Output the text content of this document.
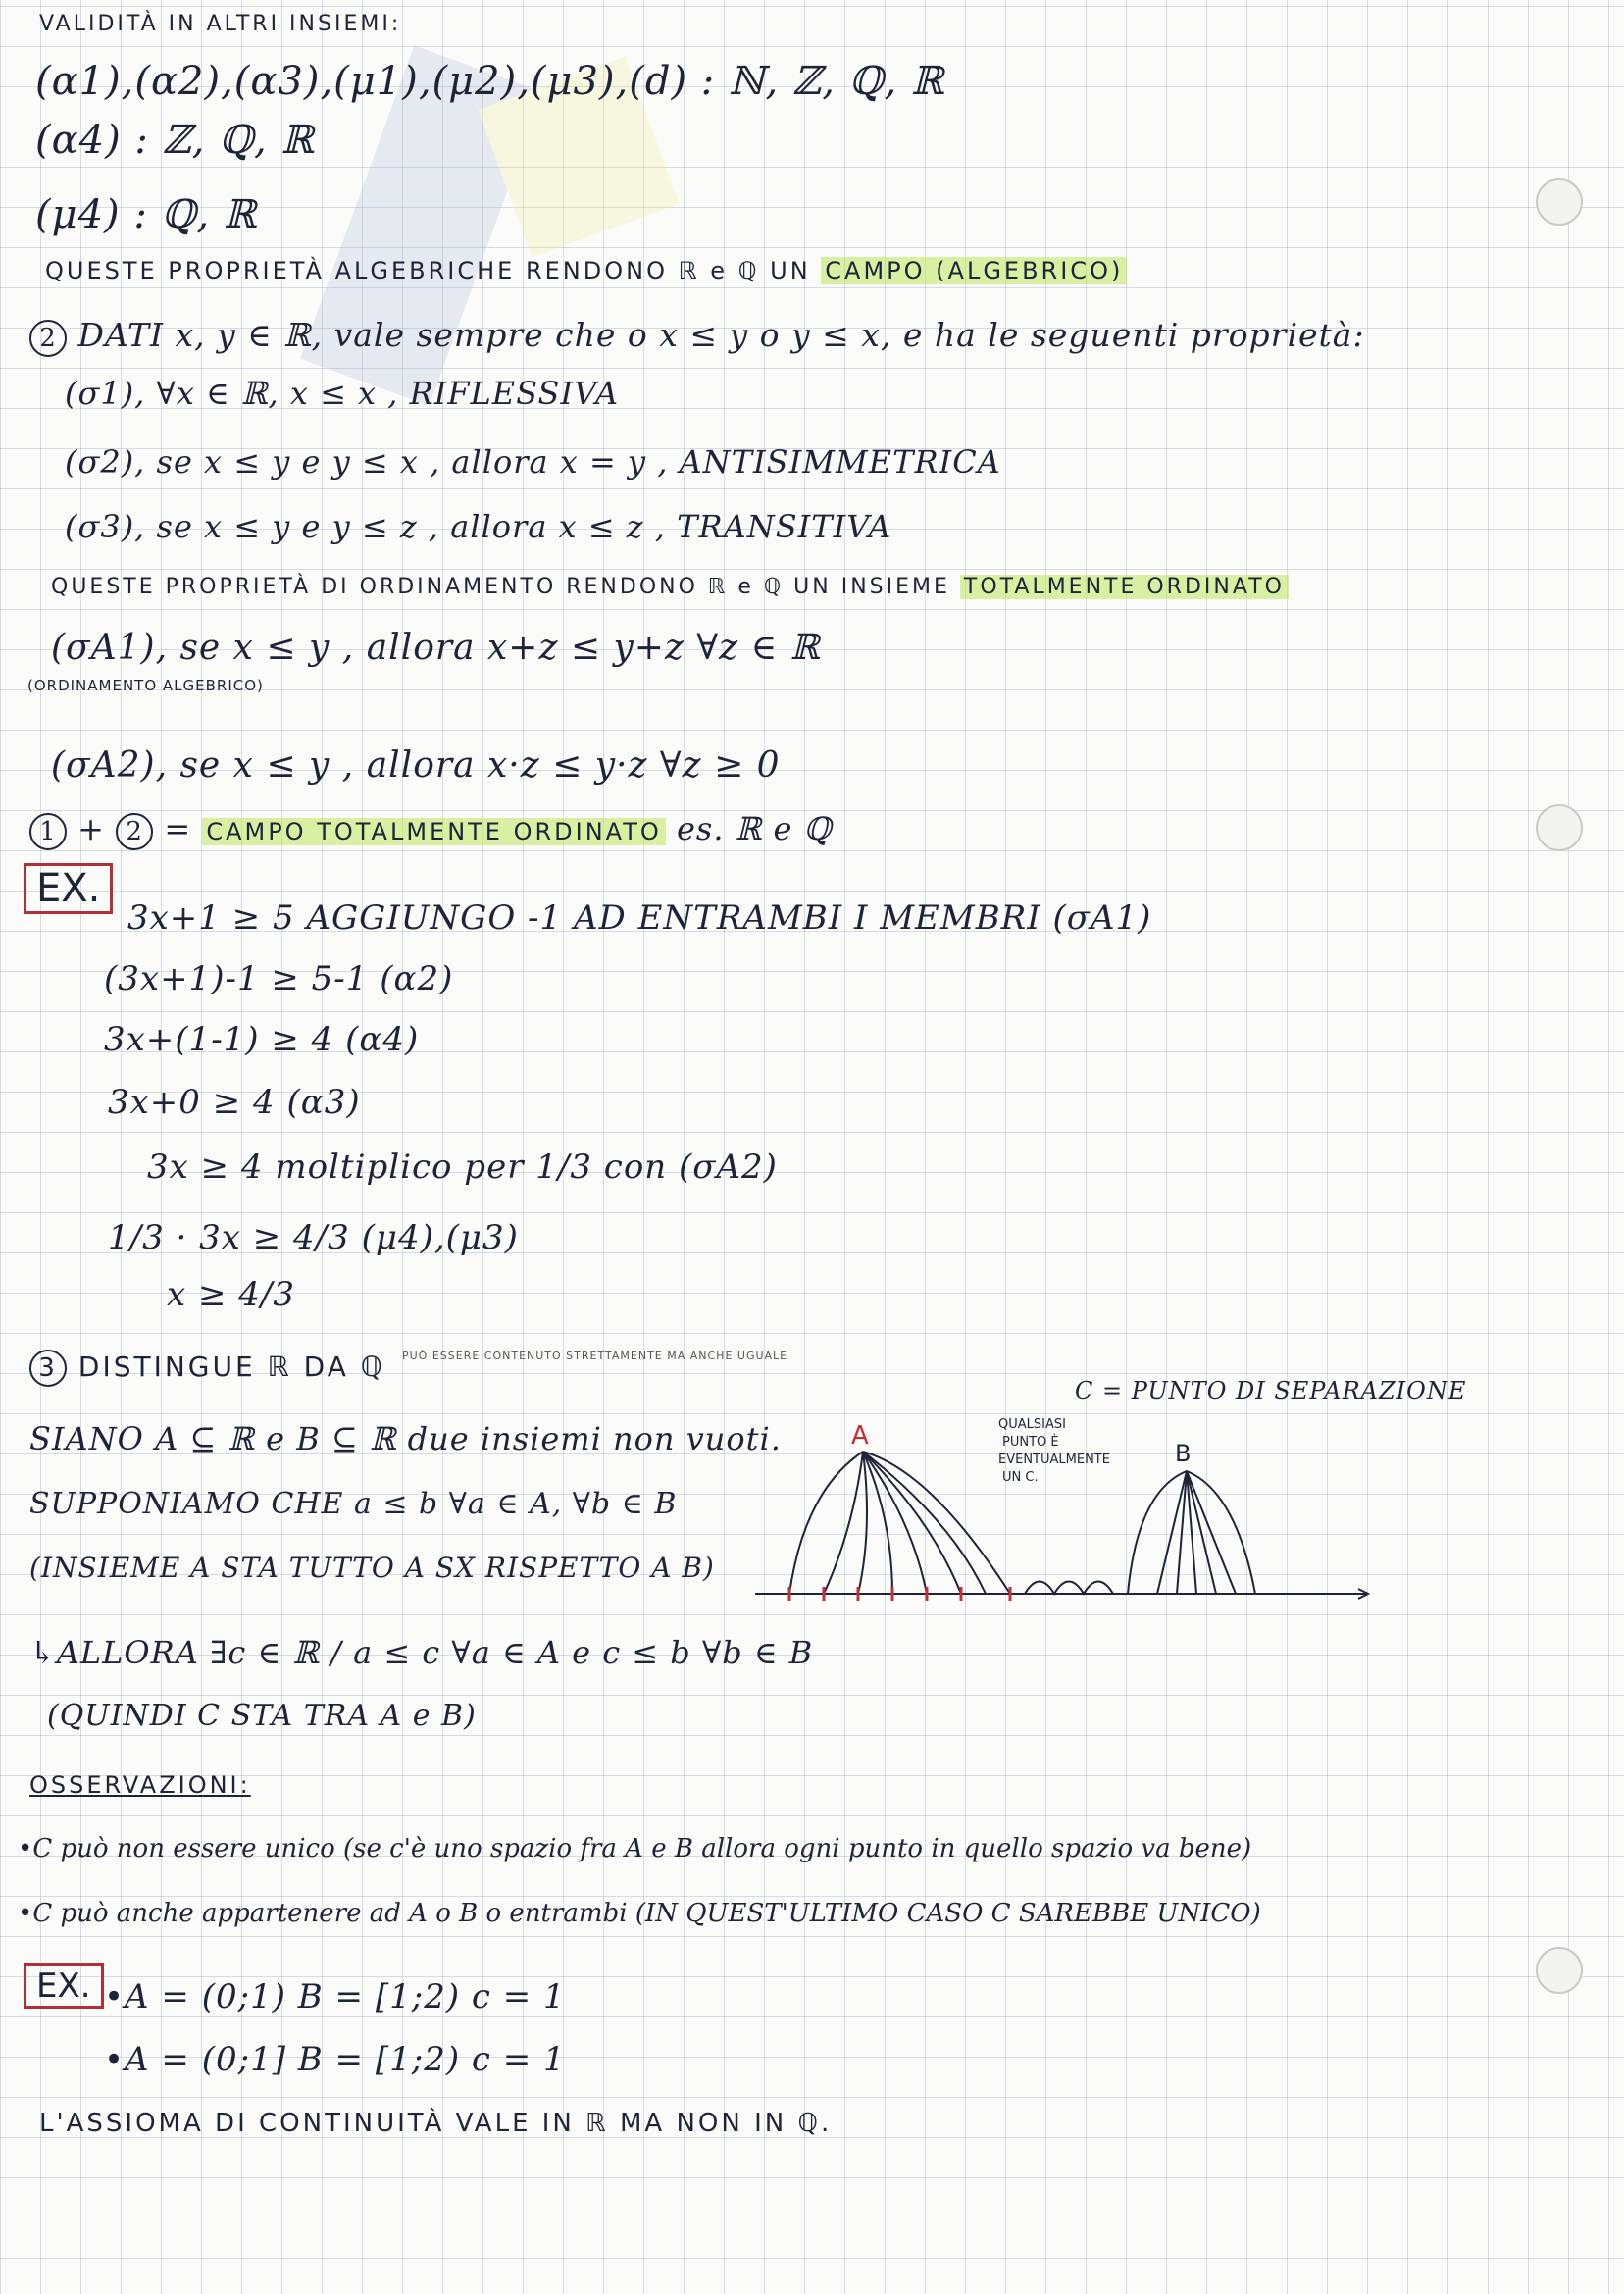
VALIDITÀ IN ALTRI INSIEMI:
(α1),(α2),(α3),(μ1),(μ2),(μ3),(d) : ℕ, ℤ, ℚ, ℝ
(α4) : ℤ, ℚ, ℝ
(μ4) : ℚ, ℝ
QUESTE PROPRIETÀ ALGEBRICHE RENDONO ℝ e ℚ UN CAMPO (ALGEBRICO)
2 DATI x, y ∈ ℝ, vale sempre che o x ≤ y o y ≤ x, e ha le seguenti proprietà:
(σ1), ∀x ∈ ℝ, x ≤ x , RIFLESSIVA
(σ2), se x ≤ y e y ≤ x , allora x = y , ANTISIMMETRICA
(σ3), se x ≤ y e y ≤ z , allora x ≤ z , TRANSITIVA
QUESTE PROPRIETÀ DI ORDINAMENTO RENDONO ℝ e ℚ UN INSIEME TOTALMENTE ORDINATO
(σA1), se x ≤ y , allora x+z ≤ y+z ∀z ∈ ℝ
(ORDINAMENTO ALGEBRICO)
(σA2), se x ≤ y , allora x·z ≤ y·z ∀z ≥ 0
1 + 2 = CAMPO TOTALMENTE ORDINATO es. ℝ e ℚ
EX.
3x+1 ≥ 5 AGGIUNGO -1 AD ENTRAMBI I MEMBRI (σA1)
(3x+1)-1 ≥ 5-1 (α2)
3x+(1-1) ≥ 4 (α4)
3x+0 ≥ 4 (α3)
3x ≥ 4 moltiplico per 1/3 con (σA2)
1/3 · 3x ≥ 4/3 (μ4),(μ3)
x ≥ 4/3
3 DISTINGUE ℝ DA ℚ PUÒ ESSERE CONTENUTO STRETTAMENTE MA ANCHE UGUALE
C = PUNTO DI SEPARAZIONE
SIANO A ⊆ ℝ e B ⊆ ℝ due insiemi non vuoti.
SUPPONIAMO CHE a ≤ b ∀a ∈ A, ∀b ∈ B
(INSIEME A STA TUTTO A SX RISPETTO A B)
↳ALLORA ∃c ∈ ℝ / a ≤ c ∀a ∈ A e c ≤ b ∀b ∈ B
(QUINDI C STA TRA A e B)
A
B
QUALSIASI
PUNTO È
EVENTUALMENTE
UN C.
OSSERVAZIONI:
•C può non essere unico (se c'è uno spazio fra A e B allora ogni punto in quello spazio va bene)
•C può anche appartenere ad A o B o entrambi (IN QUEST'ULTIMO CASO C SAREBBE UNICO)
EX. •A = (0;1) B = [1;2) c = 1
•A = (0;1] B = [1;2) c = 1
L'ASSIOMA DI CONTINUITÀ VALE IN ℝ MA NON IN ℚ.
